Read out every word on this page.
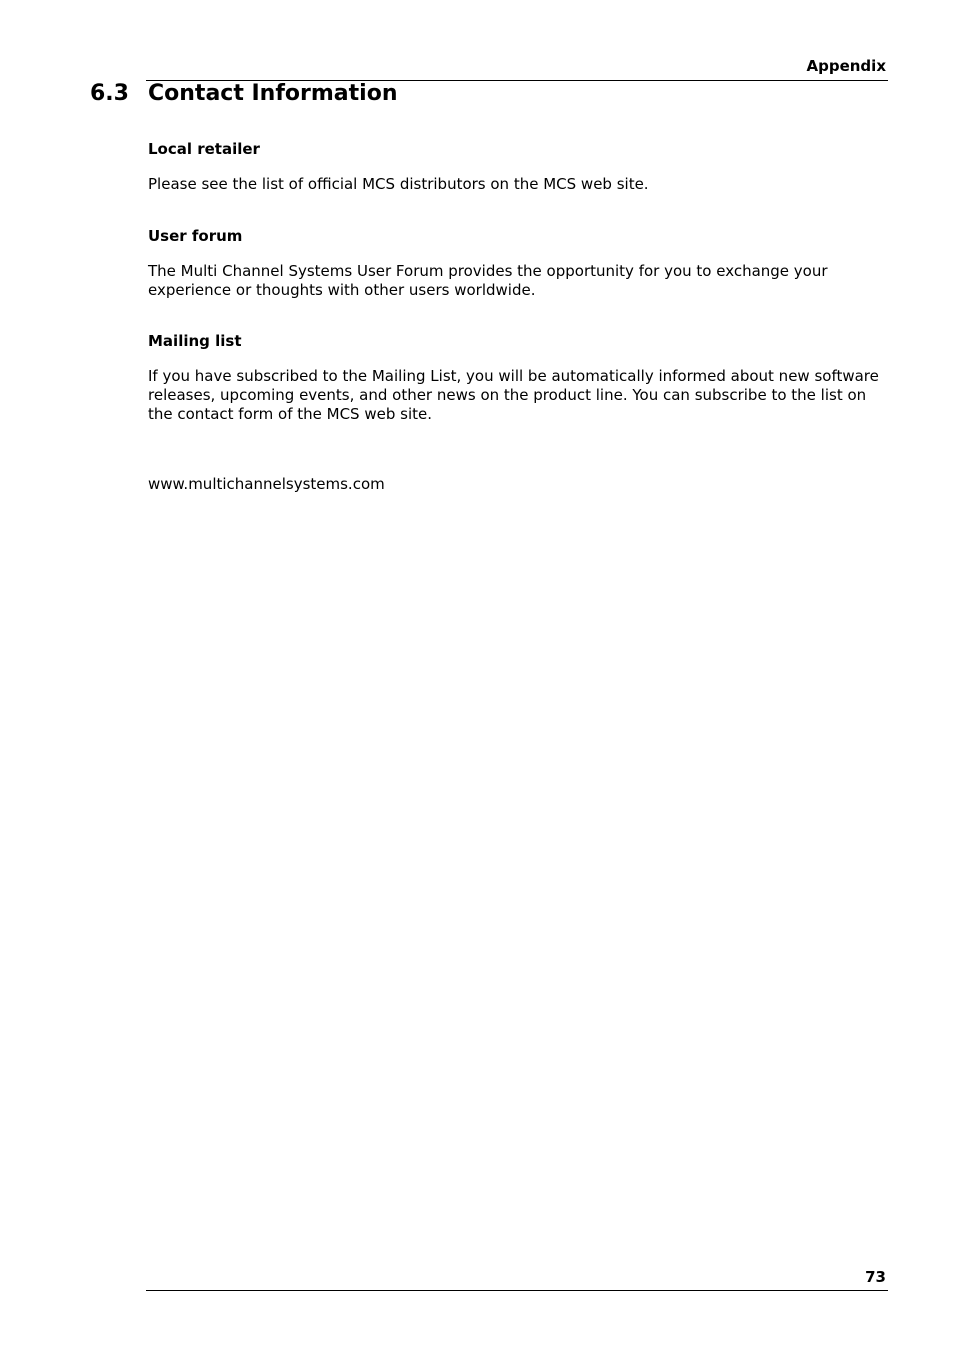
Appendix
6.3 Contact Information

Local retailer

Please see the list of official MCS distributors on the MCS web site.

User forum

The Multi Channel Systems User Forum provides the opportunity for you to exchange your

experience or thoughts with other users worldwide.

Mailing list

If you have subscribed to the Mailing List, you will be automatically informed about new software

releases, upcoming events, and other news on the product line. You can subscribe to the list on

the contact form of the MCS web site.

www.multichannelsystems.com

73
